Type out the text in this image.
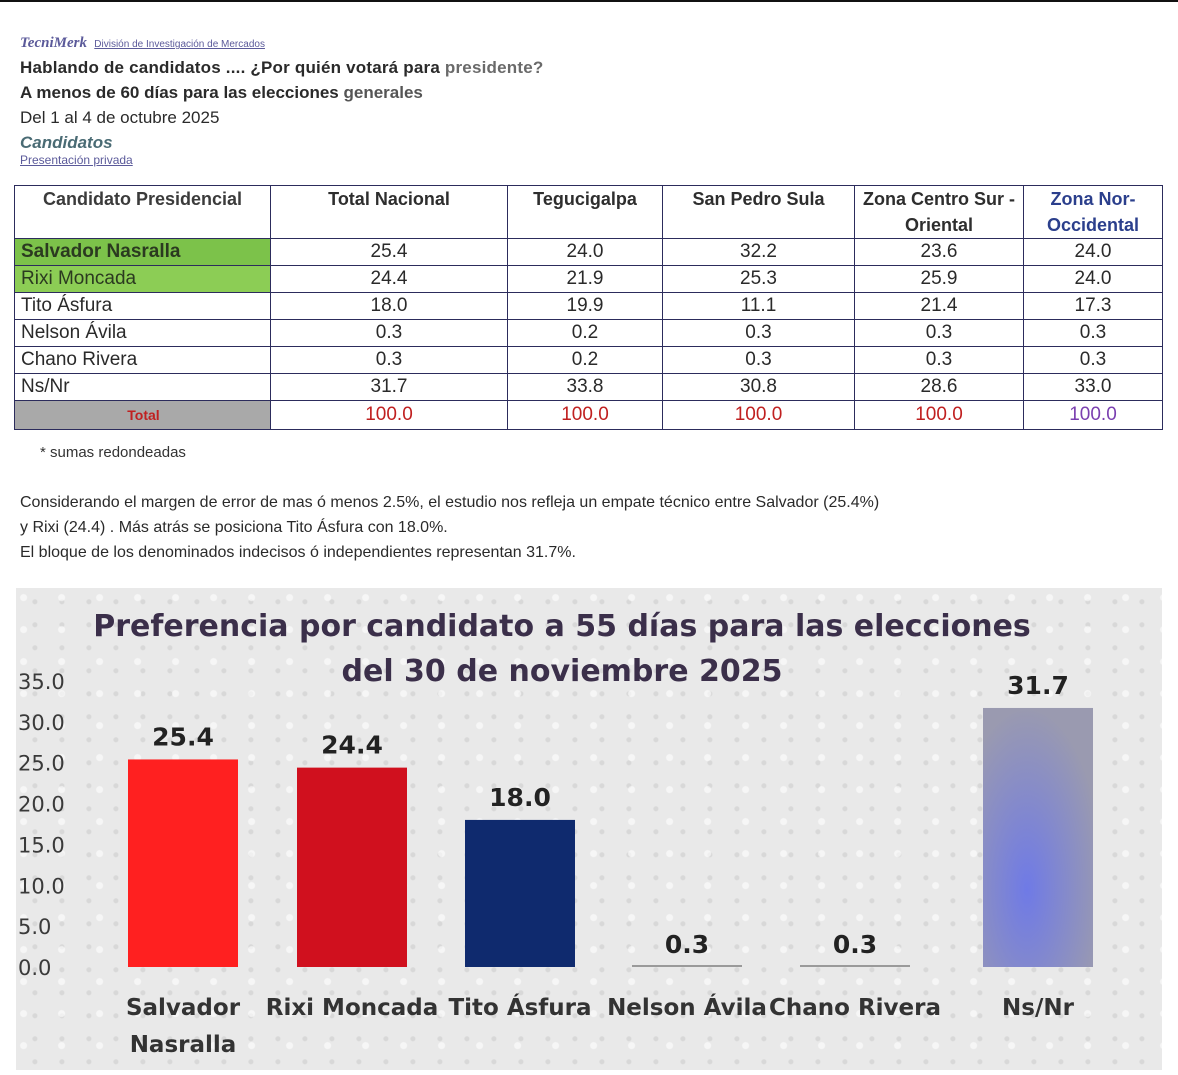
TecniMerk División de Investigación de Mercados
Hablando de candidatos .... ¿Por quién votará para presidente?
A menos de 60 días para las elecciones generales
Del 1 al 4 de octubre 2025
Candidatos
Presentación privada
Candidato Presidencial	Total Nacional	Tegucigalpa	San Pedro Sula	Zona Centro Sur - Oriental	Zona Nor-Occidental
Salvador Nasralla	25.4	24.0	32.2	23.6	24.0
Rixi Moncada	24.4	21.9	25.3	25.9	24.0
Tito Ásfura	18.0	19.9	11.1	21.4	17.3
Nelson Ávila	0.3	0.2	0.3	0.3	0.3
Chano Rivera	0.3	0.2	0.3	0.3	0.3
Ns/Nr	31.7	33.8	30.8	28.6	33.0
Total	100.0	100.0	100.0	100.0	100.0
* sumas redondeadas
Considerando el margen de error de mas ó menos 2.5%, el estudio nos refleja un empate técnico entre Salvador (25.4%)
y Rixi (24.4) . Más atrás se posiciona Tito Ásfura con 18.0%.
El bloque de los denominados indecisos ó independientes representan 31.7%.
Preferencia por candidato a 55 días para las elecciones
del 30 de noviembre 2025
0.0
5.0
10.0
15.0
20.0
25.0
30.0
35.0
25.4
Salvador
Nasralla
24.4
Rixi Moncada
18.0
Tito Ásfura
0.3
Nelson Ávila
0.3
Chano Rivera
31.7
Ns/Nr
